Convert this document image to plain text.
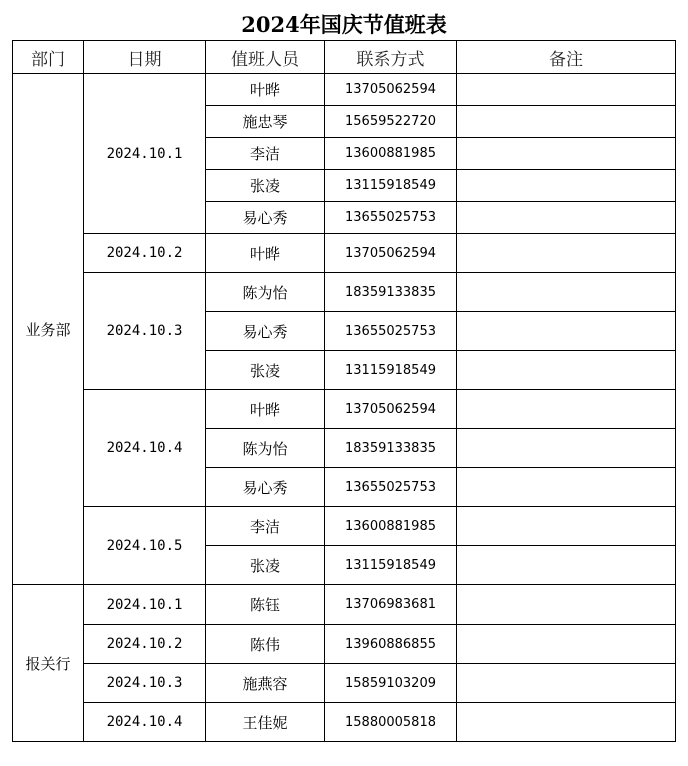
2024年国庆节值班表
部门	日期	值班人员	联系方式	备注
业务部	2024.10.1	叶晔	13705062594	
		施忠琴	15659522720	
		李洁	13600881985	
		张凌	13115918549	
		易心秀	13655025753	
	2024.10.2	叶晔	13705062594	
	2024.10.3	陈为怡	18359133835	
		易心秀	13655025753	
		张凌	13115918549	
	2024.10.4	叶晔	13705062594	
		陈为怡	18359133835	
		易心秀	13655025753	
	2024.10.5	李洁	13600881985	
		张凌	13115918549	
报关行	2024.10.1	陈钰	13706983681	
	2024.10.2	陈伟	13960886855	
	2024.10.3	施燕容	15859103209	
	2024.10.4	王佳妮	15880005818	
